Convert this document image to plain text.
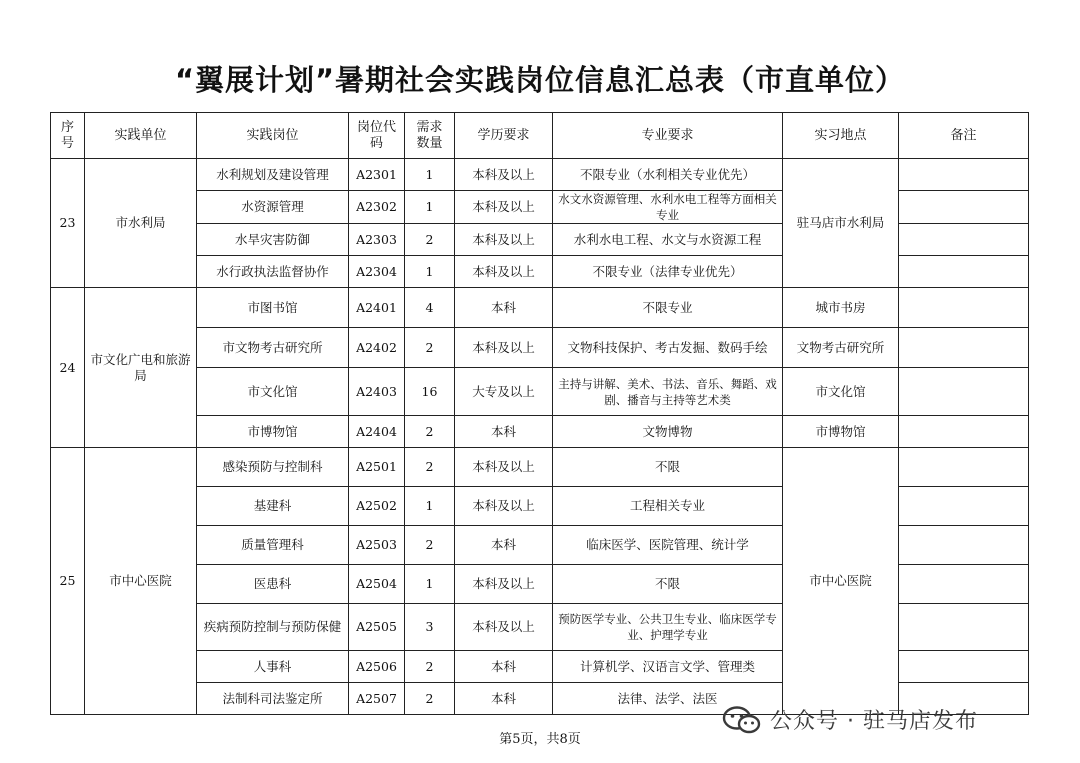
“翼展计划”暑期社会实践岗位信息汇总表（市直单位）
序号	实践单位	实践岗位	岗位代码	需求数量	学历要求	专业要求	实习地点	备注
23	市水利局	水利规划及建设管理	A2301	1	本科及以上	不限专业（水利相关专业优先）	驻马店市水利局	
		水资源管理	A2302	1	本科及以上	水文水资源管理、水利水电工程等方面相关专业		
		水旱灾害防御	A2303	2	本科及以上	水利水电工程、水文与水资源工程		
		水行政执法监督协作	A2304	1	本科及以上	不限专业（法律专业优先）		
24	市文化广电和旅游局	市图书馆	A2401	4	本科	不限专业	城市书房	
		市文物考古研究所	A2402	2	本科及以上	文物科技保护、考古发掘、数码手绘	文物考古研究所	
		市文化馆	A2403	16	大专及以上	主持与讲解、美术、书法、音乐、舞蹈、戏剧、播音与主持等艺术类	市文化馆	
		市博物馆	A2404	2	本科	文物博物	市博物馆	
25	市中心医院	感染预防与控制科	A2501	2	本科及以上	不限	市中心医院	
		基建科	A2502	1	本科及以上	工程相关专业		
		质量管理科	A2503	2	本科	临床医学、医院管理、统计学		
		医患科	A2504	1	本科及以上	不限		
		疾病预防控制与预防保健	A2505	3	本科及以上	预防医学专业、公共卫生专业、临床医学专业、护理学专业		
		人事科	A2506	2	本科	计算机学、汉语言文学、管理类		
		法制科司法鉴定所	A2507	2	本科	法律、法学、法医		
第5页，共8页
公众号 · 驻马店发布
